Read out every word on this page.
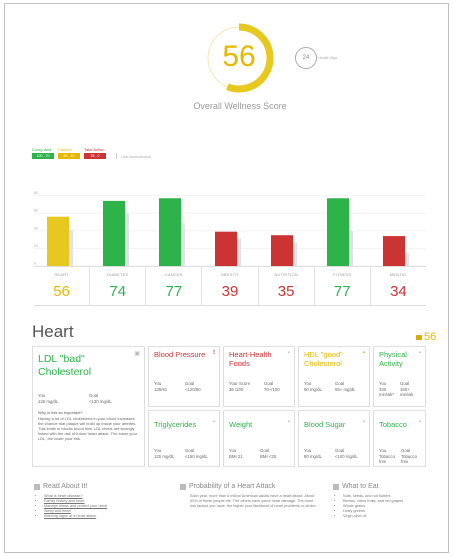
56	24	Health Age
Overall Wellness Score
Doing Well
100 - 70
Caution
69 - 40
Take Action
39 - 0	Last Assessment
0
20
40
60
80
HEART
56
DIABETES
74
CANCER
77
OBESITY
39
NUTRITION
35
FITNESS
77
MENTAL
34
Heart	56
LDL "bad" Cholesterol
▣
You
125 mg/dL
Goal
<130 mg/dL
Why is this so important?
Having a lot of LDL cholesterol in your blood increases the chance that plaque will build up inside your arteries. This limits or blocks blood flow. LDL levels are strongly linked with the risk of future heart attack. The lower your LDL, the lower your risk.
Blood Pressure	!
You
135/91
Goal
<120/80
Heart-Health Foods
▪
Your Score
36 /100
Goal
70+/100
HDL "good" Cholesterol
▪
You
50 mg/dL
Goal
55+ mg/dL
Physical Activity
▪
You
330 min/wk*
Goal
150+ min/wk
Triglycerides	▪
You
125 mg/dL
Goal
<150 mg/dL
Weight	▪
You
BMI 21
Goal
BMI <25
Blood Sugar	▪
You
80 mg/dL
Goal
<100 mg/dL
Tobacco	▪
You
Tobacco free
Goal
Tobacco free
Read About It!
• What is heart disease?
• Family history and heart
• Manage stress and protect your heart
• Sleep and heart
• Warning signs of a heart attack
Probability of a Heart Attack
Each year, more than a million American adults have a heart attack. About 50% of these people die. The others have some heart damage. The more risk factors you have, the higher your likelihood of heart problems or stroke.
What to Eat
• Nuts, seeds, and nut butters
• Berries, citrus fruits, and red grapes
• Whole grains
• Leafy greens
• Virgin olive oil
